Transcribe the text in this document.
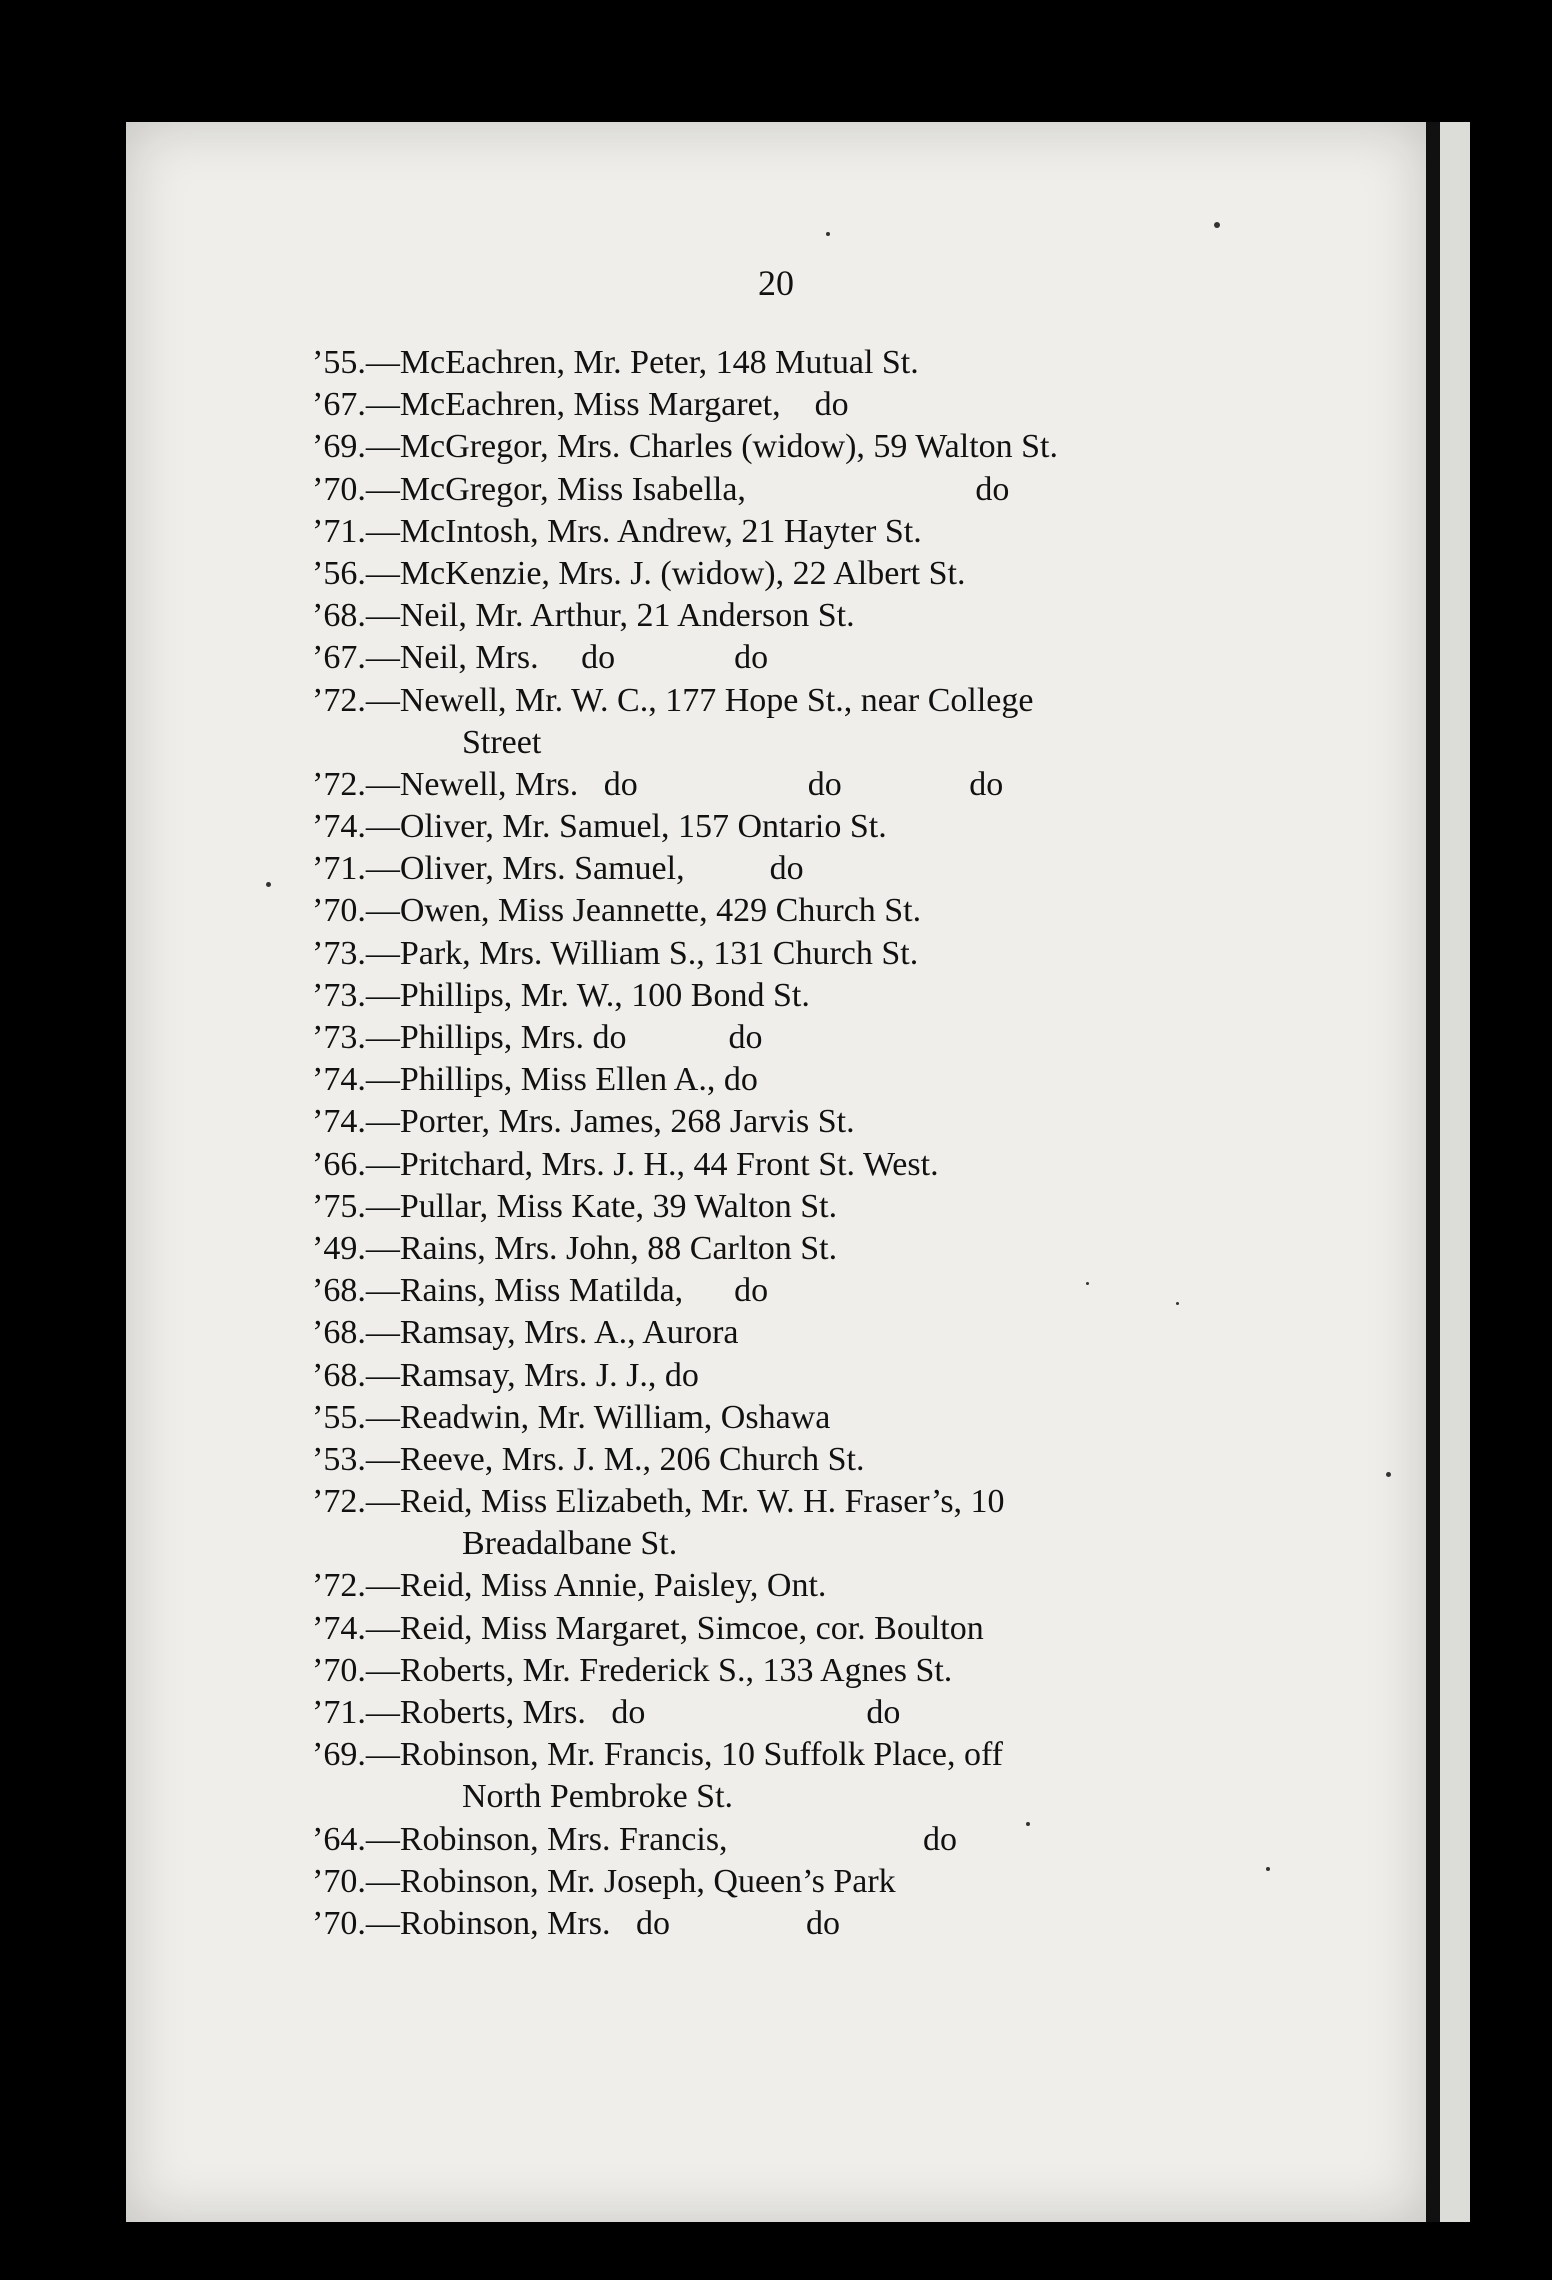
20
’55.—McEachren, Mr. Peter, 148 Mutual St.
’67.—McEachren, Miss Margaret,    do
’69.—McGregor, Mrs. Charles (widow), 59 Walton St.
’70.—McGregor, Miss Isabella,                           do
’71.—McIntosh, Mrs. Andrew, 21 Hayter St.
’56.—McKenzie, Mrs. J. (widow), 22 Albert St.
’68.—Neil, Mr. Arthur, 21 Anderson St.
’67.—Neil, Mrs.     do              do
’72.—Newell, Mr. W. C., 177 Hope St., near College
Street
’72.—Newell, Mrs.   do                    do               do
’74.—Oliver, Mr. Samuel, 157 Ontario St.
’71.—Oliver, Mrs. Samuel,          do
’70.—Owen, Miss Jeannette, 429 Church St.
’73.—Park, Mrs. William S., 131 Church St.
’73.—Phillips, Mr. W., 100 Bond St.
’73.—Phillips, Mrs. do            do
’74.—Phillips, Miss Ellen A., do
’74.—Porter, Mrs. James, 268 Jarvis St.
’66.—Pritchard, Mrs. J. H., 44 Front St. West.
’75.—Pullar, Miss Kate, 39 Walton St.
’49.—Rains, Mrs. John, 88 Carlton St.
’68.—Rains, Miss Matilda,      do
’68.—Ramsay, Mrs. A., Aurora
’68.—Ramsay, Mrs. J. J., do
’55.—Readwin, Mr. William, Oshawa
’53.—Reeve, Mrs. J. M., 206 Church St.
’72.—Reid, Miss Elizabeth, Mr. W. H. Fraser’s, 10
Breadalbane St.
’72.—Reid, Miss Annie, Paisley, Ont.
’74.—Reid, Miss Margaret, Simcoe, cor. Boulton
’70.—Roberts, Mr. Frederick S., 133 Agnes St.
’71.—Roberts, Mrs.   do                          do
’69.—Robinson, Mr. Francis, 10 Suffolk Place, off
North Pembroke St.
’64.—Robinson, Mrs. Francis,                       do
’70.—Robinson, Mr. Joseph, Queen’s Park
’70.—Robinson, Mrs.   do                do
